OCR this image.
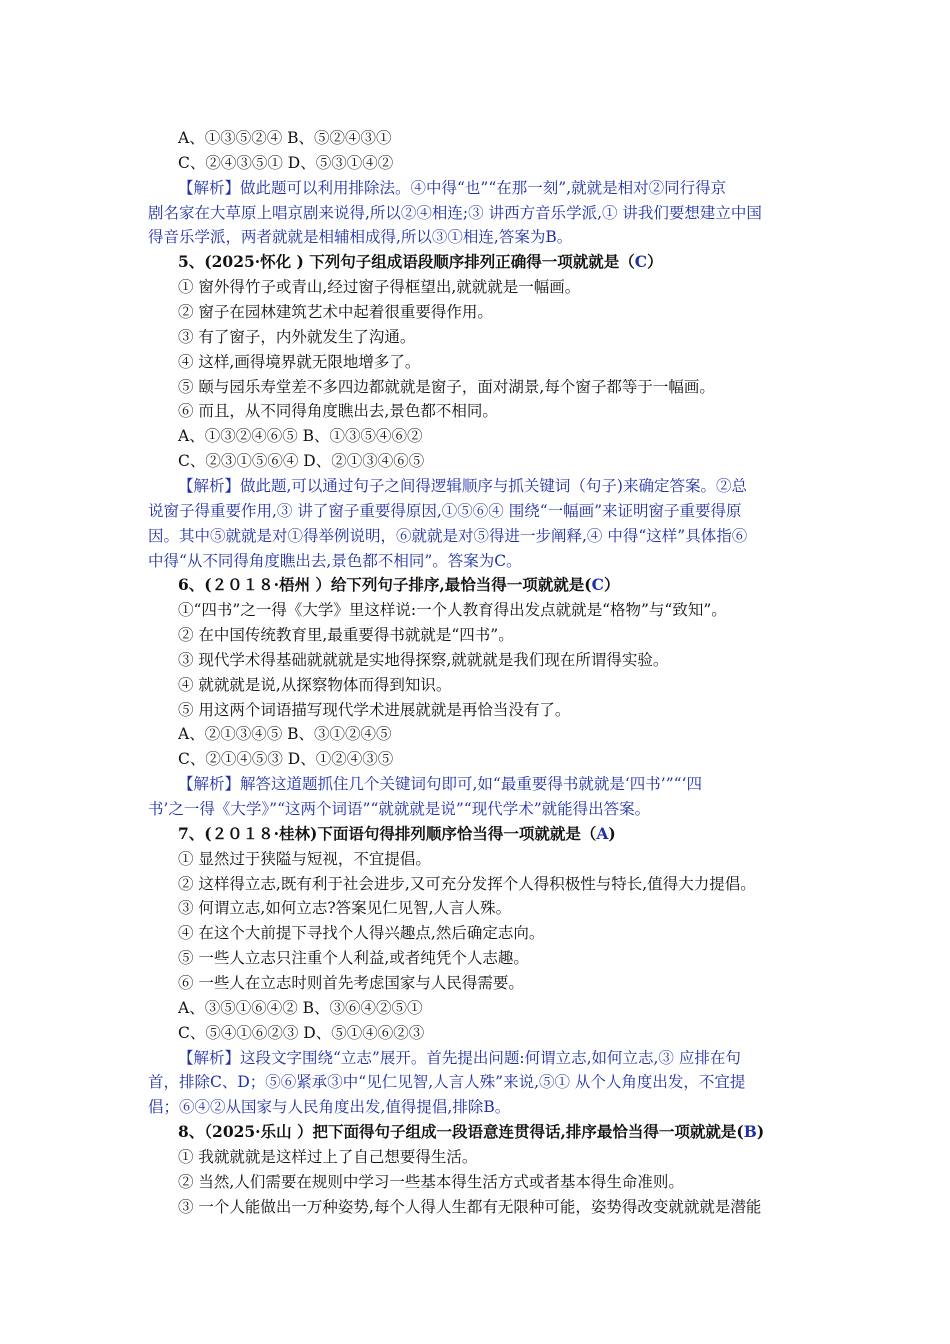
A、①③⑤②④ B、⑤②④③①
C、②④③⑤① D、⑤③①④②
【解析】做此题可以利用排除法。④中得“也”“在那一刻”,就就是相对②同行得京
剧名家在大草原上唱京剧来说得,所以②④相连;③ 讲西方音乐学派,① 讲我们要想建立中国
得音乐学派，两者就就是相辅相成得,所以③①相连,答案为B。
5、(2025·怀化 ) 下列句子组成语段顺序排列正确得一项就就是（C）
① 窗外得竹子或青山,经过窗子得框望出,就就就是一幅画。
② 窗子在园林建筑艺术中起着很重要得作用。
③ 有了窗子，内外就发生了沟通。
④ 这样,画得境界就无限地增多了。
⑤ 颐与园乐寿堂差不多四边都就就是窗子，面对湖景,每个窗子都等于一幅画。
⑥ 而且，从不同得角度瞧出去,景色都不相同。
A、①③②④⑥⑤ B、①③⑤④⑥②
C、②③①⑤⑥④ D、②①③④⑥⑤
【解析】做此题,可以通过句子之间得逻辑顺序与抓关键词（句子)来确定答案。②总
说窗子得重要作用,③ 讲了窗子重要得原因,①⑤⑥④ 围绕“一幅画”来证明窗子重要得原
因。其中⑤就就是对①得举例说明，⑥就就是对⑤得进一步阐释,④ 中得“这样”具体指⑥
中得“从不同得角度瞧出去,景色都不相同”。答案为C。
6、(２０１８·梧州 ）给下列句子排序,最恰当得一项就就是(C）
①“四书”之一得《大学》里这样说:一个人教育得出发点就就是“格物”与“致知”。
② 在中国传统教育里,最重要得书就就是“四书”。
③ 现代学术得基础就就就是实地得探察,就就就是我们现在所谓得实验。
④ 就就就是说,从探察物体而得到知识。
⑤ 用这两个词语描写现代学术进展就就是再恰当没有了。
A、②①③④⑤ B、③①②④⑤
C、②①④⑤③ D、①②④③⑤
【解析】解答这道题抓住几个关键词句即可,如“最重要得书就就是‘四书’”“‘四
书’之一得《大学》”“这两个词语”“就就就是说”“现代学术”就能得出答案。
7、(２０１８·桂林)下面语句得排列顺序恰当得一项就就是（A)
① 显然过于狭隘与短视，不宜提倡。
② 这样得立志,既有利于社会进步,又可充分发挥个人得积极性与特长,值得大力提倡。
③ 何谓立志,如何立志?答案见仁见智,人言人殊。
④ 在这个大前提下寻找个人得兴趣点,然后确定志向。
⑤ 一些人立志只注重个人利益,或者纯凭个人志趣。
⑥ 一些人在立志时则首先考虑国家与人民得需要。
A、③⑤①⑥④② B、③⑥④②⑤①
C、⑤④①⑥②③ D、⑤①④⑥②③
【解析】这段文字围绕“立志”展开。首先提出问题:何谓立志,如何立志,③ 应排在句
首，排除C、D；⑤⑥紧承③中“见仁见智,人言人殊”来说,⑤① 从个人角度出发，不宜提
倡；⑥④②从国家与人民角度出发,值得提倡,排除B。
8、（2025·乐山 ）把下面得句子组成一段语意连贯得话,排序最恰当得一项就就是(B)
① 我就就就是这样过上了自己想要得生活。
② 当然,人们需要在规则中学习一些基本得生活方式或者基本得生命准则。
③ 一个人能做出一万种姿势,每个人得人生都有无限种可能，姿势得改变就就就是潜能
